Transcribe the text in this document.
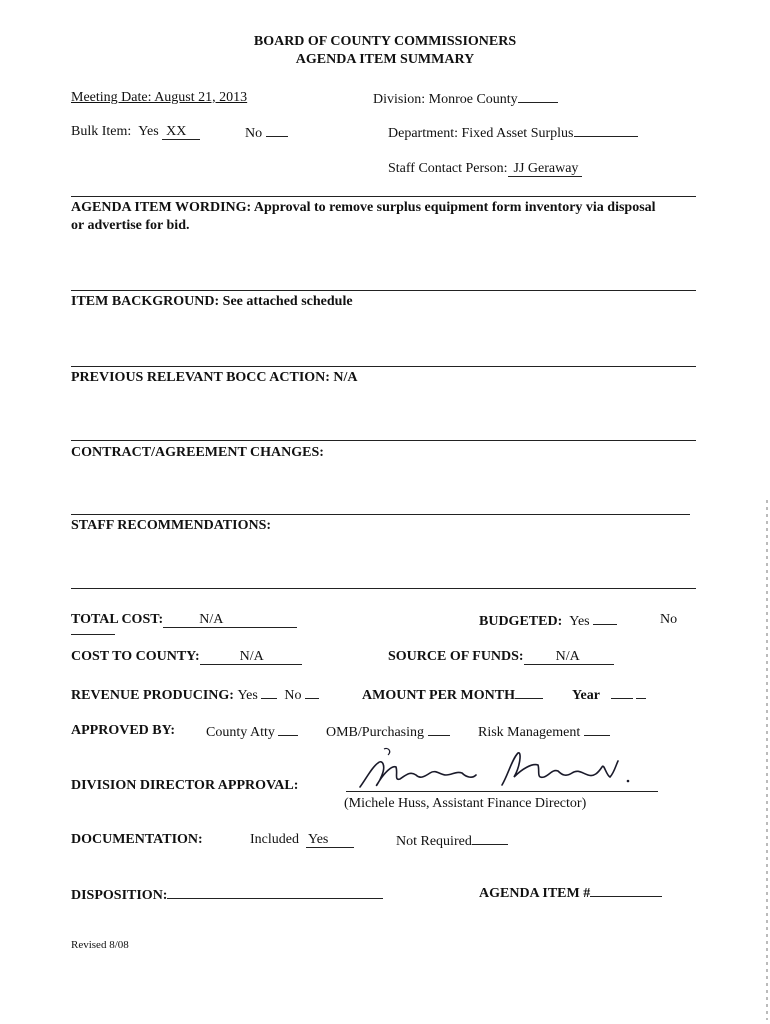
BOARD OF COUNTY COMMISSIONERS
AGENDA ITEM SUMMARY
Meeting Date: August 21, 2013	Division: Monroe County
Bulk Item: Yes XX	No	Department: Fixed Asset Surplus
Staff Contact Person: JJ Geraway
AGENDA ITEM WORDING: Approval to remove surplus equipment form inventory via disposal or advertise for bid.
ITEM BACKGROUND: See attached schedule
PREVIOUS RELEVANT BOCC ACTION: N/A
CONTRACT/AGREEMENT CHANGES:
STAFF RECOMMENDATIONS:
TOTAL COST:	N/A	BUDGETED: Yes	No
COST TO COUNTY:	N/A	SOURCE OF FUNDS: N/A
REVENUE PRODUCING: Yes No	AMOUNT PER MONTH	Year
APPROVED BY: County Atty	OMB/Purchasing	Risk Management
DIVISION DIRECTOR APPROVAL:
(Michele Huss, Assistant Finance Director)
DOCUMENTATION:	Included Yes	Not Required
DISPOSITION:	AGENDA ITEM #
Revised 8/08
